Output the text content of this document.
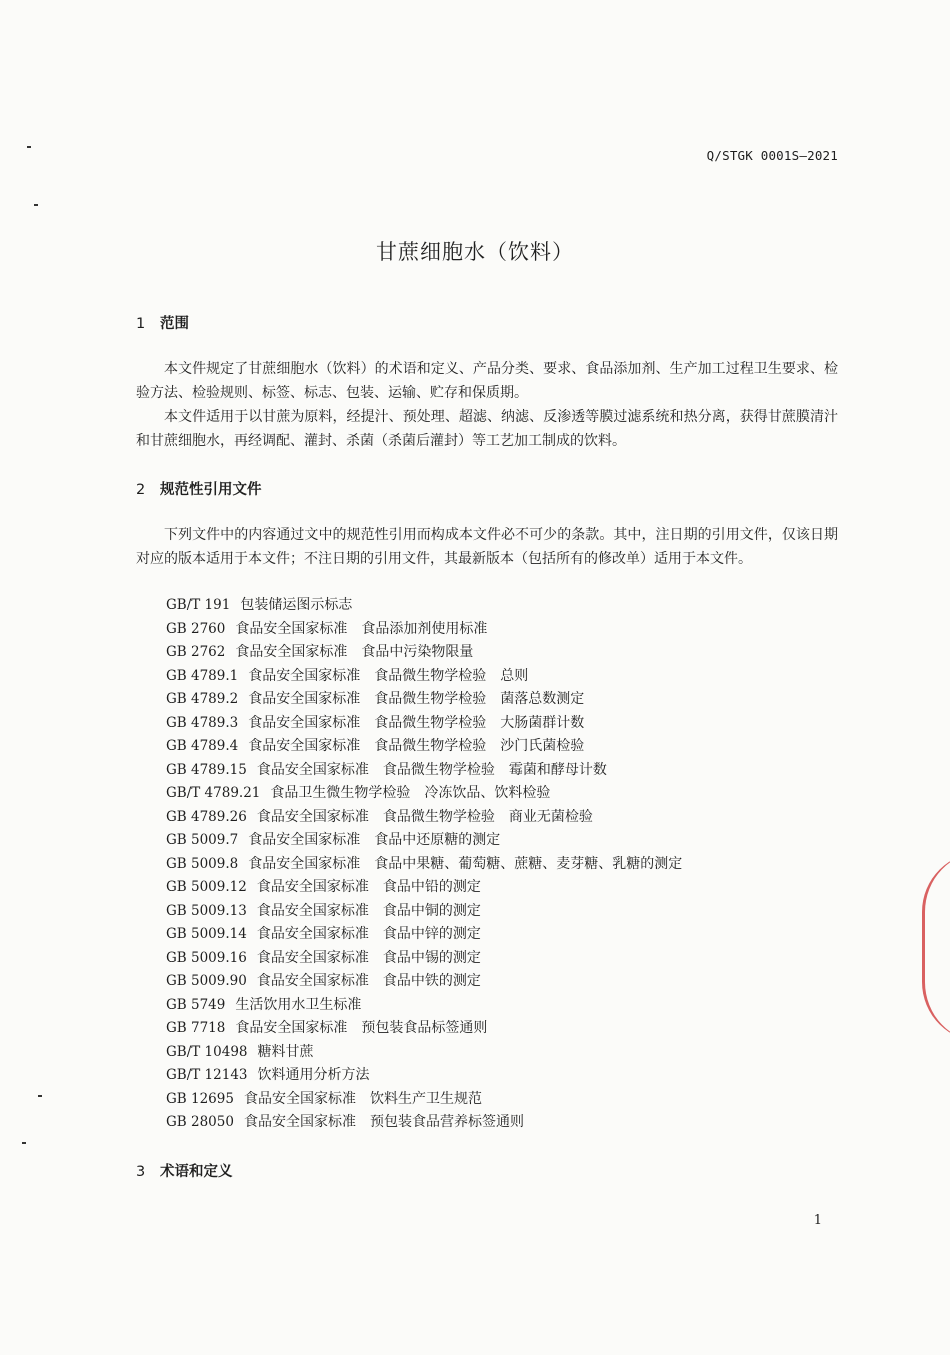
Q/STGK 0001S—2021
甘蔗细胞水（饮料）
1 范围
本文件规定了甘蔗细胞水（饮料）的术语和定义、产品分类、要求、食品添加剂、生产加工过程卫生要求、检验方法、检验规则、标签、标志、包装、运输、贮存和保质期。
本文件适用于以甘蔗为原料，经提汁、预处理、超滤、纳滤、反渗透等膜过滤系统和热分离，获得甘蔗膜清汁和甘蔗细胞水，再经调配、灌封、杀菌（杀菌后灌封）等工艺加工制成的饮料。
2 规范性引用文件
下列文件中的内容通过文中的规范性引用而构成本文件必不可少的条款。其中，注日期的引用文件，仅该日期对应的版本适用于本文件；不注日期的引用文件，其最新版本（包括所有的修改单）适用于本文件。
GB/T 191 包装储运图示标志
GB 2760 食品安全国家标准 食品添加剂使用标准
GB 2762 食品安全国家标准 食品中污染物限量
GB 4789.1 食品安全国家标准 食品微生物学检验 总则
GB 4789.2 食品安全国家标准 食品微生物学检验 菌落总数测定
GB 4789.3 食品安全国家标准 食品微生物学检验 大肠菌群计数
GB 4789.4 食品安全国家标准 食品微生物学检验 沙门氏菌检验
GB 4789.15 食品安全国家标准 食品微生物学检验 霉菌和酵母计数
GB/T 4789.21 食品卫生微生物学检验 冷冻饮品、饮料检验
GB 4789.26 食品安全国家标准 食品微生物学检验 商业无菌检验
GB 5009.7 食品安全国家标准 食品中还原糖的测定
GB 5009.8 食品安全国家标准 食品中果糖、葡萄糖、蔗糖、麦芽糖、乳糖的测定
GB 5009.12 食品安全国家标准 食品中铅的测定
GB 5009.13 食品安全国家标准 食品中铜的测定
GB 5009.14 食品安全国家标准 食品中锌的测定
GB 5009.16 食品安全国家标准 食品中锡的测定
GB 5009.90 食品安全国家标准 食品中铁的测定
GB 5749 生活饮用水卫生标准
GB 7718 食品安全国家标准 预包装食品标签通则
GB/T 10498 糖料甘蔗
GB/T 12143 饮料通用分析方法
GB 12695 食品安全国家标准 饮料生产卫生规范
GB 28050 食品安全国家标准 预包装食品营养标签通则
3 术语和定义
1
